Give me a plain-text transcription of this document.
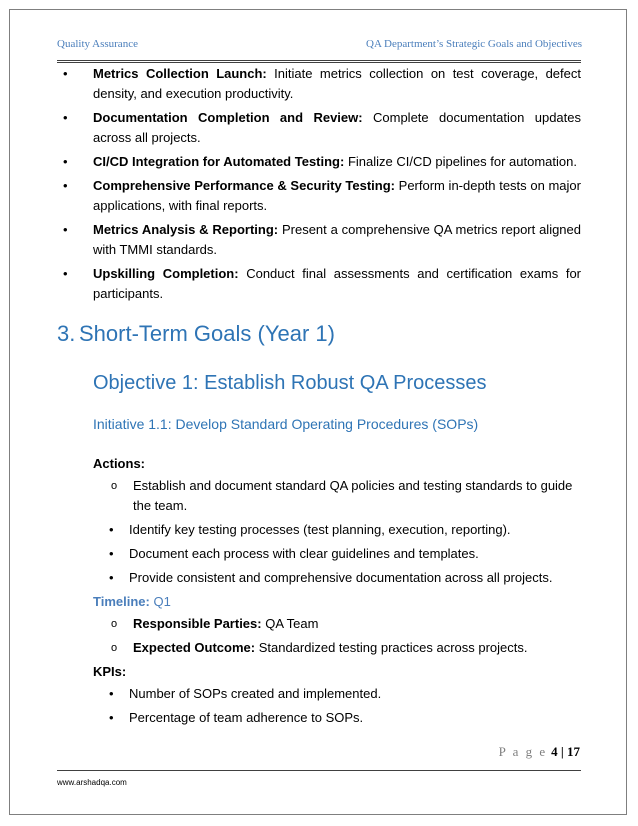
Quality Assurance	QA Department’s Strategic Goals and Objectives
• Metrics Collection Launch: Initiate metrics collection on test coverage, defect density, and execution productivity.
• Documentation Completion and Review: Complete documentation updates across all projects.
• CI/CD Integration for Automated Testing: Finalize CI/CD pipelines for automation.
• Comprehensive Performance & Security Testing: Perform in-depth tests on major applications, with final reports.
• Metrics Analysis & Reporting: Present a comprehensive QA metrics report aligned with TMMI standards.
• Upskilling Completion: Conduct final assessments and certification exams for participants.
3. Short-Term Goals (Year 1)
Objective 1: Establish Robust QA Processes
Initiative 1.1: Develop Standard Operating Procedures (SOPs)
Actions:
o Establish and document standard QA policies and testing standards to guide the team.
• Identify key testing processes (test planning, execution, reporting).
• Document each process with clear guidelines and templates.
• Provide consistent and comprehensive documentation across all projects.
Timeline: Q1
o Responsible Parties: QA Team
o Expected Outcome: Standardized testing practices across projects.
KPIs:
• Number of SOPs created and implemented.
• Percentage of team adherence to SOPs.
P a g e 4 | 17
www.arshadqa.com
